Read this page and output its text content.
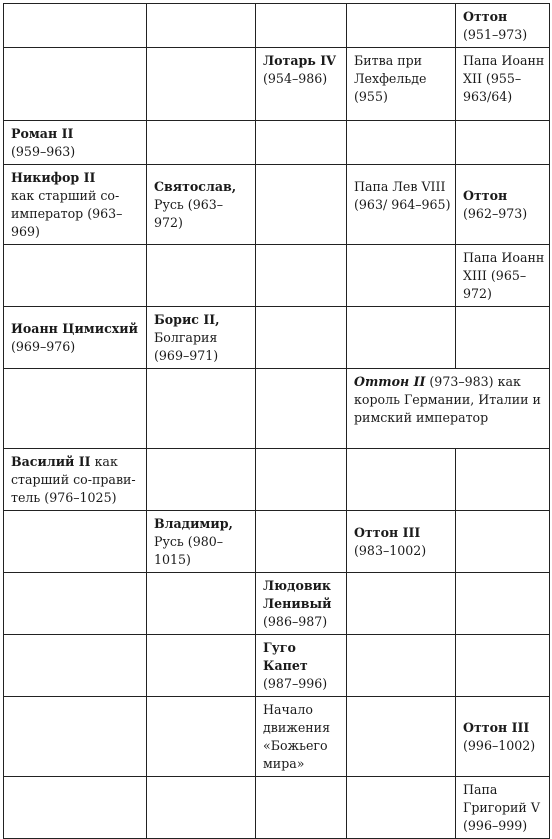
				Оттон
(951–973)

		Лотарь IV
(954–986)	Битва при Лехфельде (955)	Папа Иоанн XII (955–963/64)

Роман II
(959–963)				

Никифор II
как старший со-император (963–969)	Святослав,
Русь (963–972)		Папа Лев VIII (963/ 964–965)	Оттон
(962–973)
				Папа Иоанн XIII (965–972)

Иоанн Цимисхий
(969–976)	Борис II,
Болгария (969–971)			
			Оттон II (973–983) как король Германии, Италии и римский император	
Василий II как старший со-прави-тель (976–1025)				

	Владимир,
Русь (980–1015)		Оттон III
(983–1002)	

		Людовик Ленивый
(986–987)		

		Гуго Капет
(987–996)		
		Начало движения «Божьего мира»		Оттон III
(996–1002)
				Папа Григорий V (996–999)
